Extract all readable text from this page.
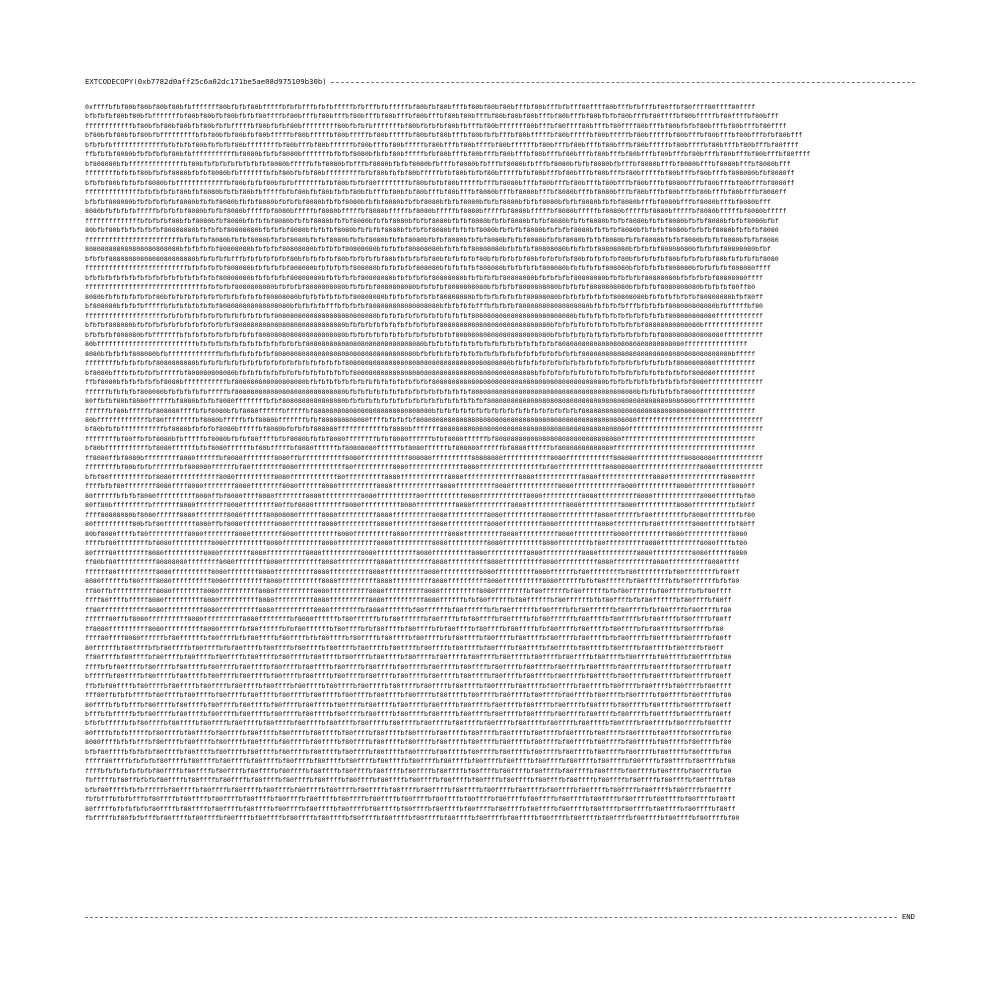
EXTCODECOPY(0xb7782d0aff25c6a02dc171be5ae08d975109b30b)
0xffffbfbf80bf80bf80bf80bfbfffffff80bfbfbf80bfffffbfbfbfffbfbfbfffffbfbfffbfbfffffbf80bfbf80bfffbf80bf80bf80bfffbf80bfffbfbfff80ffff80bfffbfbfffbf80ffbf80ffff80ffff80ffff
bfbfbfbf80bf80bfbfffffffbf80bf80bfbf80bfbfbf80ffffbf80bfffbf80bfffbf80bfffbf80bfffbf80bfffbf80bf80bfffbf80bf80bf80bfffbf80bfffbf80bfbfbf80bfffbf80ffffbf80bfffffbf80ffffbf80bfff
ffffffffffffbf80bfbf80bf80bfbf80bfbfbfffffbf80bfbfbf80bfffffffff80bfbfbfbfffffffbf80bfbfbfbf80bfbfffbf80bfffffff80bfffbf80ffff80bfffbf80ffff80bfffbf80bfbfbf80bfffbf80bfffbf80ffff
bf80bfbf80bfbf80bfbfffffffffbfbf80bfbf80bfbf80bfffffbf80bfffffbf80bfffffbf80bfffffbf80bfbf80bfffbf80bfbfbfffbf80bfffffbf80bfffffbf80bfffffbf80bfffffbf80bfffbf80bfffbf80bfffbfbf80bfff
bfbfbfbfffffffffffffbfbfbfbf80bfbfbfbf80bffffffffbf80bfffbf80bffffffbf80bfffbf80bfffffbf80bfffbf80bffffbf80bffffffbf80bfffbf80bfffbf80bfffbf80bfffffbf80bffffbf80bfffbf80bfffbf80ffff
ffbfbfbf8080bfbfbfbfbf80bfbfffffffffffbf8080bfbfbf8080bfffffffbfbfbf8080bfbfbf80bfffffbfbf80bfffbf80bfffbf80bfffbf80bfffbf80bfffbf80bfffbf80bfffbf80bfffbf80bfffbf80bfffbf80bfffbf80ffff
bf808080bfbffffffffffffffbf80bfbfbfbfbfbfbfbfbf8080bfffffbfbf8080bfbfffbf8080bfbfbf8080bfbfffbf8080bfbfffbf8080bfbfffbf8080bfbfbf8080bfbfffbf8080bfffbf8080bfffbf8080bfffbf8080bfff
ffffffffbfbfbf80bfbfbf8080bfbfbf8080bfbfffffffbfbf80bfbfbf80bfffffffffbfbf80bfbfbf80bfffffbfbf80bfbfbf80bfffffbfbf80bfffbf80bfffbf80bfffbf80bfffffbf80bfffbf80bfffbf808080bfbf8080ff
bfbfbf80bfbfbfbf8080bfbfffffffffffffbf80bfbfbf80bfbfbfffffffbfbf80bfbfbf80ffffffffbf80bfbfbf80bfffffbfffbf8080bfffbf80bfffbf80bfffbf80bfffbf80bfffbf8080bfffbf80bfffbf80bfffbf8080ff
ffffffffffffffbfbfbfbfbf80bfbf8080bfbfbf80bfbfffffbfbf80bfbf80bfbfbf80bfbfffbf80bfbf80bfffbf80bfffbf8080bfffbf8080bfffbf8080bfffbf8080bfffbf80bfffbf80bfffbf80bfffbf80bfffbf8080ff
bfbfbf808080bfbfbfbfbfbf8080bfbfbf8080bfbfbf8080bfbfbfbf8080bfbfbf8080bfbfbf8080bfbfbf8080bfbfbf8080bfbfbf8080bfbfbf8080bfbfbf8080bfbfbf8080bfffbf8080bfffbf8080bfffbf8080bfff
8080bfbfbfbfbfffffbfbfbfbf8080bfbfbf8080bfffffbf8080bfffffbf8080bfffffbf8080bfffffbf8080bfffffbf8080bfffffbf8080bfffffbf8080bfffffbf8080bfffffbf8080bfffffbf8080bfffffbf8080bfffff
ffffffffffffffbfbfbfbf80bfbf8080bfbf8080bfbfbfbf8080bfbfbf8080bfbfbf8080bfbfbf8080bfbfbf8080bfbfbf8080bfbfbf8080bfbfbf8080bfbfbf8080bfbfbf8080bfbfbf8080bfbfbf8080bfbfbf8080bfbf
80bfbf80bfbfbfbfbfbf80808080bfbfbfbf80808080bfbfbfbf8080bfbfbfbf8080bfbfbfbf8080bfbfbfbf8080bfbfbfbf8080bfbfbfbf8080bfbfbfbf8080bfbfbfbf8080bfbfbfbf8080bfbfbfbf8080bfbfbfbf8080
ffffffffffffffffffffffffbfbfbfbf8080bfbfbf8080bfbfbf8080bfbfbf8080bfbfbf8080bfbfbf8080bfbfbf8080bfbfbf8080bfbfbf8080bfbfbf8080bfbfbf8080bfbfbf8080bfbfbf8080bfbfbf8080bfbfbf8080
808080808080808080808080bfbfbfbfbf80808080bfbfbfbf80808080bfbfbfbf80808080bfbfbfbf80808080bfbfbfbf80808080bfbfbfbf80808080bfbfbfbf80808080bfbfbfbf80808080bfbfbfbf80808080bfbf
bfbfbf8080808080808080808080bfbfbfbfbfffbfbfbfbfbfbf80bfbfbfbfbf80bfbfbfbfbf80bfbfbfbfbf80bfbfbfbfbf80bfbfbfbfbf80bfbfbfbfbf80bfbfbfbfbf80bfbfbfbfbf80bfbfbfbfbf80bfbfbfbfbf8080
ffffffffffffffffffffffffffbfbfbfbfbf808080bfbfbfbfbf808080bfbfbfbfbf808080bfbfbfbfbf808080bfbfbfbfbf808080bfbfbfbfbf808080bfbfbfbfbf808080bfbfbfbfbf808080bfbfbfbfbf808080ffff
bfbfbfbfbfbfbfbfbfbfbfbfbfbfbfbfbf80808080bfbfbfbfbf80808080bfbfbfbfbf80808080bfbfbfbfbf80808080bfbfbfbfbf80808080bfbfbfbfbf80808080bfbfbfbfbf80808080bfbfbfbfbf80808080ffff
ffffffffffffffffffffffffffffffbfbfbfbf8080808080bfbfbfbf8080808080bfbfbfbf8080808080bfbfbfbf8080808080bfbfbfbf8080808080bfbfbfbf8080808080bfbfbfbf8080808080bfbfbfbf80ff80
8080bfbfbfbfbfbfbf80bfbfbfbfbfbfbfbfbfbfbfbfbf80808080bfbfbfbfbfbfbf80808080bfbfbfbfbfbfbf80808080bfbfbfbfbfbfbf80808080bfbfbfbfbfbfbf80808080bfbfbfbfbfbfbf80808080bfbf80ff
bf808080bfbfbfbfffffbfbfbfbfbfbfbf808080808080808080bfbfbfbfbfffbfbfbfbf808080808080808080bfbfbfbfbfffbfbfbfbf808080808080808080bfbfbfbfbfffbfbfbfbf808080808080bfbfffffbf80
ffffffffffffffffffffbfbfbfbfbfbfbfbfbfbfbfbfbfbf80808080808080808080808080bfbfbfbfbfbfbfbfbfbfbfbf80808080808080808080808080bfbfbfbfbfbfbfbfbfbfbfbf808080808080ffffffffffff
bfbfbf808080bfbfbfbfbfbfbfbfbfbfbfbfbf8080808080808080808080808080bfbfbfbfbfbfbfbfbfbfbfbf8080808080808080808080808080bfbfbfbfbfbfbfbfbfbfbfbf80808080808080bfffffffffffffff
bfbfbfbf808080bfbfffffffbfbfbfbfbfbfbfbfbfbf8080808080808080808080bfbfbfbfbfbfbfbfbfbfbfbfbfbf808080808080808080808080bfbfbfbfbfbfbfbfbfbfbfbfbfbf8080808080808080ffffffffff
80bfffffffffffffffffffffffffbfbfbfbfbfbfbfbfbfbfbfbfbfbf808080808080808080808080808080bfbfbfbfbfbfbfbfbfbfbfbfbfbfbfbfbf80808080808080808080808080808080ffffffffffffffff
8080bfbfbfbf808080bfbfffffffffffffbfbfbfbfbfbfbf808080808080808080808080808080808080bfbfbfbfbfbfbfbfbfbfbfbfbfbfbfbfbfbfbfbfbf80808080808080808080808080808080808080bfffff
ffffffffbfbfbfbfbf8080808080bfbfbfbfbfbfbfbfbfbfbfbfbfbfbfbfbfbfbf808080808080808080808080808080808080808080bfbfbfbfbfbfbfbfbfbfbfbfbfbfbfbfbfbfbfbfbf8080808080ffffffffff
bf8080bfffbfbfbfbfbfffffbf808080808080bfbfbfbfbfbfbfbfbfbfbfbfbfbfbf8080808080808080808080808080808080808080808080bfbfbfbfbfbfbfbfbfbfbfbfbfbfbfbfbfbfbfbf808080ffffffffff
ffbf8080bfbfbfbfbfbf8080bfffffffffffbf808080808080808080bfbfbfbfbfbfbfbfbfbfbfbfbfbfbfbf80808080808080808080808080808080808080808080bfbfbfbfbfbfbfbfbfbfbf8080ffffffffffffff
ffffffbfbfbfbf808080bfbfbfbfbfbfffffbf8080808080808080808080808080bfbfbfbfbfbfbfbfbfbfbfbfbfbfbfbf808080808080808080808080808080808080808080bfbfbfbfbfbf8080ffffffffffffff
80ffbfbf80bf8080ffffffbf8080bfbfbf8080ffffffffbfbf8080808080808080bfbfbfbfbfbfbfbfbfbfbfbfbfbfbfbfbfbf8080808080808080808080808080808080808080808080808080bfffffffffffffff
ffffffbf80bfffffbf808080ffffbfbf8080bfbf8080ffffffbfffffbf808080808080808080808080808080bfbfbfbfbfbfbfbfbfbfbfbfbfbfbfbfbfbfbf80808080808080808080808080808080ffffffffffff
80bfffffffffffffbf80ffffffffbf8080bfffffbfbf8080bfffffffbfbf808080808080ffffbfbfbfbf80808080808080808080808080808080808080808080808080808080ffffffffffffffffffffffffffffffff
bf80bfbfbfffffffffffbf8080bfbfbfbf8080bfffffbf8080bfbfbfbf808080ffffffffffffbf8080bfffffff808080808080808080808080808080808080808080808080ffffffffffffffffffffffffffffffffff
ffffffffbf80ffbfbf8080bfbfffffbf8080bfbfbf80ffffbfbf8080bfbfbf8080ffffffffbfbf8080ffffffbfbf8080ffffffbf80808080808080808080808080808080ffffffffffffffffffffffffffffffffff
bf80bfffffffffffbf8080ffffffbfbf8080ffffffbf80bfffffbf8080ffffffbf80808080ffffffbf8080ffffffbf808080ffffffbf8080ffffffbf80808080808080ffffffffffffffffffffffffffffffffffff
ff8080ffbf8080bfffffffff8080ffffffbf8080ffffffff8080ffbfffffffffff8080ffffffffffff808080ffffffffff80808080ffffffffffff8080ffffffffffff808080ffffffffffff80808080ffffffffffff
ffffffffbf80bfbfbfffffffbf808080ffffffbf80ffffffff8080ffffffffffff80ffffffffff8080ffffffffffffff8080ffffffffffffffffbf80ffffffffffff80808080ffffffffffffffff8080ffffffffffff
bfbf80ffffffffffbf8080ffffffffffff8080ffffffffff8080ffffffffffff80ffffffffff8080ffffffffffff8080ffffffffffffff8080ffffffffffff8080ffffffffffffff8080ffffffffffffff8080ffff
ffffbfbf80ffffffff8080ffff8080ffffffff8080ffffffff8080ffffff8080ffffffffff8080ffffffffffff8080ffffffffff8080ffffffffffff8080ffffffffffff8080ffffffffff8080ffffffffff8080ff
80ffffffbfbfbf8080ffffffffff8080ffbf8080ffff8080ffffffff8080ffffffffff8080ffffffffff80ffffffffff8080ffffffffffff8080ffffffffff8080ffffffffff8080ffffffffffff8080ffffffbf80
80ff80bfffffffffbfffffff8080ffffffff8080ffffffff80ffbf8080ffffffff8080ffffffffff8080ffffffffff8080ffffffffff8080ffffffffff8080ffffffffff8080ffffffffff8080ffffffffffbf80ff
ffff80808080bf8080ffffff8080ffffffff8080ffffff80808080ffffff8080ffffffffff8080ffffffffff8080ffffffffff8080ffffffffff8080ffffffffff8080ffffffbf80ffffffffbf8080ffffffffbf80
80ffffffffff80bfbf80ffffffff8080ffbf8080ffffffff8080ffffffff8080ffffffffff8080ffffffffff8080ffffffffff8080ffffffffff8080ffffffffff8080ffffffffbf80ffffffff8080ffffffbf80ff
80bf8080ffffbf80ffffffffff8080ffffffff8080ffffffff8080ffffffffff8080ffffffffff8080ffffffffff8080ffffffffff8080ffffffffff8080ffffffffff8080ffffffffff8080ffffffffffff8080
ffffbf80ffffffffbf8080ffffffffff8080ffffffffff8080ffffffffff8080ffffffffff8080ffffffffff8080ffffffffff8080ffffffffff8080ffffffffbf80ffffffffff8080ffffffffff8080ffffbf80
80ffff80ffffffff8080ffffffffff8080ffffffff8080ffffffffff8080ffffffffff8080ffffffffff8080ffffffffff8080ffffffffff8080ffffffffff8080ffffffffff8080ffffffffff8080ffffff8080
ff80bf80ffffffffff80808080ffffffff8080ffffffff8080ffffffffff8080ffffffffff8080ffffffffff8080ffffffffff8080ffffffffff8080ffffffffff8080ffffffffff8080ffffffffff8080ffff
ffffff80ffffffffff8080ffffffffff8080ffffffff8080ffffffffff8080ffffffffff8080ffffffffff8080ffffffffff8080ffffffffff8080ffffffbf80ffffffffbf80ffffffffbf80ffffffffbf80ff
8080ffffffbf80ffff8080ffffffffff8080ffffffffff8080ffffffffff8080ffffffffff8080ffffffffff8080ffffffffff8080ffffffffff8080ffffffbfbf80ffffffbf80ffffffbfbf80ffffffbfbf80
ff80ffbfffffffffff8080ffffffff8080ffffffffff8080ffffffffff8080ffffffffff8080ffffffffff8080ffffffffff8080ffffffffbf80ffffffbf80ffffffbfbf80ffffffbf80ffffffbfbf80ffff
ffff80ffffbfffff8080ffffffffff8080ffffffffff8080ffffffffff8080ffffffffff8080ffffffffff8080ffffffbfbf80ffffffbf80ffffffbf80ffffffbfbf80ffffbfbf80ffffffbf80ffffbf80ff
ff80ffffffffffff8080ffffffffff8080ffffffffff8080ffffffffff8080ffffffffbf8080ffffffbf80ffffffbf80ffffffbfbf80ffffffbf80ffffbfbf80ffffffbf80ffffbfbf80ffffbf80ffffbf80
ffffff80ffbf8080ffffffffff8080ffffffffff8080ffffffffbf8080ffffffbf80ffffffbfbf80ffffffbf80ffffbfbf80ffffbf80ffffbfbf80ffffffbf80ffffbf80ffffbfbf80ffffbf80ffffbf80ff
ff8080ffffffffff8080ffffffffff8080ffffffbf80ffffffbfbf80ffffffbf80ffffbfbf80ffffbf80ffffbfbf80ffffbf80ffffbf80ffffbfbf80ffffbf80ffffbf80ffffbfbf80ffffbf80ffffbf80
ffff80ffff8080ffffffbf80ffffffbf80ffffbfbf80ffffbf80ffffbfbf80ffffbf80ffffbf80ffffbf80ffffbfbf80ffffbf80ffffbf80ffffbf80ffffbf80ffffbfbf80ffffbf80ffffbf80ffffbf80ff
80ffffffbf80ffffbfbf80ffffbf80ffffbfbf80ffffbf80ffffbf80ffffbf80ffffbf80ffffbf80ffffbf80ffffbf80ffffbf80ffffbf80ffffbf80ffffbf80ffffbf80ffffbf80ffffbf80ffffbf80ff
ff80ffffbf80ffffbf80ffffbf80ffffbf80ffffbf80ffffbf80ffffbf80ffffbf80ffffbf80ffffbf80ffffbf80ffffbf80ffffbf80ffffbf80ffffbf80ffffbf80ffffbf80ffffbf80ffffbf80ffffbf80
ffffbfbf80ffffbf80ffffbf80ffffbf80ffffbf80ffffbf80ffffbf80ffffbf80ffffbf80ffffbf80ffffbf80ffffbf80ffffbf80ffffbf80ffffbf80ffffbf80ffffbf80ffffbf80ffffbf80ffffbf80ff
bfffffbf80ffffbf80ffffbf80ffffbf80ffffbf80ffffbf80ffffbf80ffffbf80ffffbf80ffffbf80ffffbf80ffffbf80ffffbf80ffffbf80ffffbf80ffffbf80ffffbf80ffffbf80ffffbf80ffffbf80ff
ffbfbf80ffffbf80ffffbf80ffffbf80ffffbf80ffffbf80ffffbf80ffffbf80ffffbf80ffffbf80ffffbf80ffffbf80ffffbf80ffffbf80ffffbf80ffffbf80ffffbf80ffffbf80ffffbf80ffffbf80ffff
fff80ffbfbfbffffbf80ffffbf80ffffbf80ffffbf80ffffbf80ffffbf80ffffbf80ffffbf80ffffbf80ffffbf80ffffbf80ffffbf80ffffbf80ffffbf80ffffbf80ffffbf80ffffbf80ffffbf80ffffbf80
80ffffbfbfbfffbf80ffffbf80ffffbf80ffffbf80ffffbf80ffffbf80ffffbf80ffffbf80ffffbf80ffffbf80ffffbf80ffffbf80ffffbf80ffffbf80ffffbf80ffffbf80ffffbf80ffffbf80ffffbf80ff
bfffbfbfffffbfbf80ffffbf80ffffbf80ffffbf80ffffbf80ffffbf80ffffbf80ffffbf80ffffbf80ffffbf80ffffbf80ffffbf80ffffbf80ffffbf80ffffbf80ffffbf80ffffbf80ffffbf80ffffbf80ff
bfbfbfffffbfbf80ffffbf80ffffbf80ffffbf80ffffbf80ffffbf80ffffbf80ffffbf80ffffbf80ffffbf80ffffbf80ffffbf80ffffbf80ffffbf80ffffbf80ffffbf80ffffbf80ffffbf80ffffbf80ffff
80ffffbfbfbfffffbf80ffffbf80ffffbf80ffffbf80ffffbf80ffffbf80ffffbf80ffffbf80ffffbf80ffffbf80ffffbf80ffffbf80ffffbf80ffffbf80ffffbf80ffffbf80ffffbf80ffffbf80ffffbf80
8080ffffbfbfbfffbf80ffffbf80ffffbf80ffffbf80ffffbf80ffffbf80ffffbf80ffffbf80ffffbf80ffffbf80ffffbf80ffffbf80ffffbf80ffffbf80ffffbf80ffffbf80ffffbf80ffffbf80ffffbf80
bfbf80ffffbfbfbfbf80ffffbf80ffffbf80ffffbf80ffffbf80ffffbf80ffffbf80ffffbf80ffffbf80ffffbf80ffffbf80ffffbf80ffffbf80ffffbf80ffffbf80ffffbf80ffffbf80ffffbf80ffffbf80
fffff80ffffbfbfbfbf80ffffbf80ffffbf80ffffbf80ffffbf80ffffbf80ffffbf80ffffbf80ffffbf80ffffbf80ffffbf80ffffbf80ffffbf80ffffbf80ffffbf80ffffbf80ffffbf80ffffbf80ffffbf80
ffffbfbfbfbfbfbfbf80ffffbf80ffffbf80ffffbf80ffffbf80ffffbf80ffffbf80ffffbf80ffffbf80ffffbf80ffffbf80ffffbf80ffffbf80ffffbf80ffffbf80ffffbf80ffffbf80ffffbf80ffffbf80
fbfffffbf80ffbfbfbf80ffffbf80ffffbf80ffffbf80ffffbf80ffffbf80ffffbf80ffffbf80ffffbf80ffffbf80ffffbf80ffffbf80ffffbf80ffffbf80ffffbf80ffffbf80ffffbf80ffffbf80ffffbf80
bfbf80ffffbfbfbfffffbf80ffffbf80ffffbf80ffffbf80ffffbf80ffffbf80ffffbf80ffffbf80ffffbf80ffffbf80ffffbf80ffffbf80ffffbf80ffffbf80ffffbf80ffffbf80ffffbf80ffffbf80ffff
fbfbfffbfbfbfffbf80ffffbf80ffffbf80ffffbf80ffffbf80ffffbf80ffffbf80ffffbf80ffffbf80ffffbf80ffffbf80ffffbf80ffffbf80ffffbf80ffffbf80ffffbf80ffffbf80ffffbf80ffffbf80ff
80fffffbfbfbfbfbf80ffffbf80ffffbf80ffffbf80ffffbf80ffffbf80ffffbf80ffffbf80ffffbf80ffffbf80ffffbf80ffffbf80ffffbf80ffffbf80ffffbf80ffffbf80ffffbf80ffffbf80ffffbf80ff
fbfffffbf80fbfbfffbf80ffffbf80ffffbf80ffffbf80ffffbf80ffffbf80ffffbf80ffffbf80ffffbf80ffffbf80ffffbf80ffffbf80ffffbf80ffffbf80ffffbf80ffffbf80ffffbf80ffffbf80ffffbf80
END
